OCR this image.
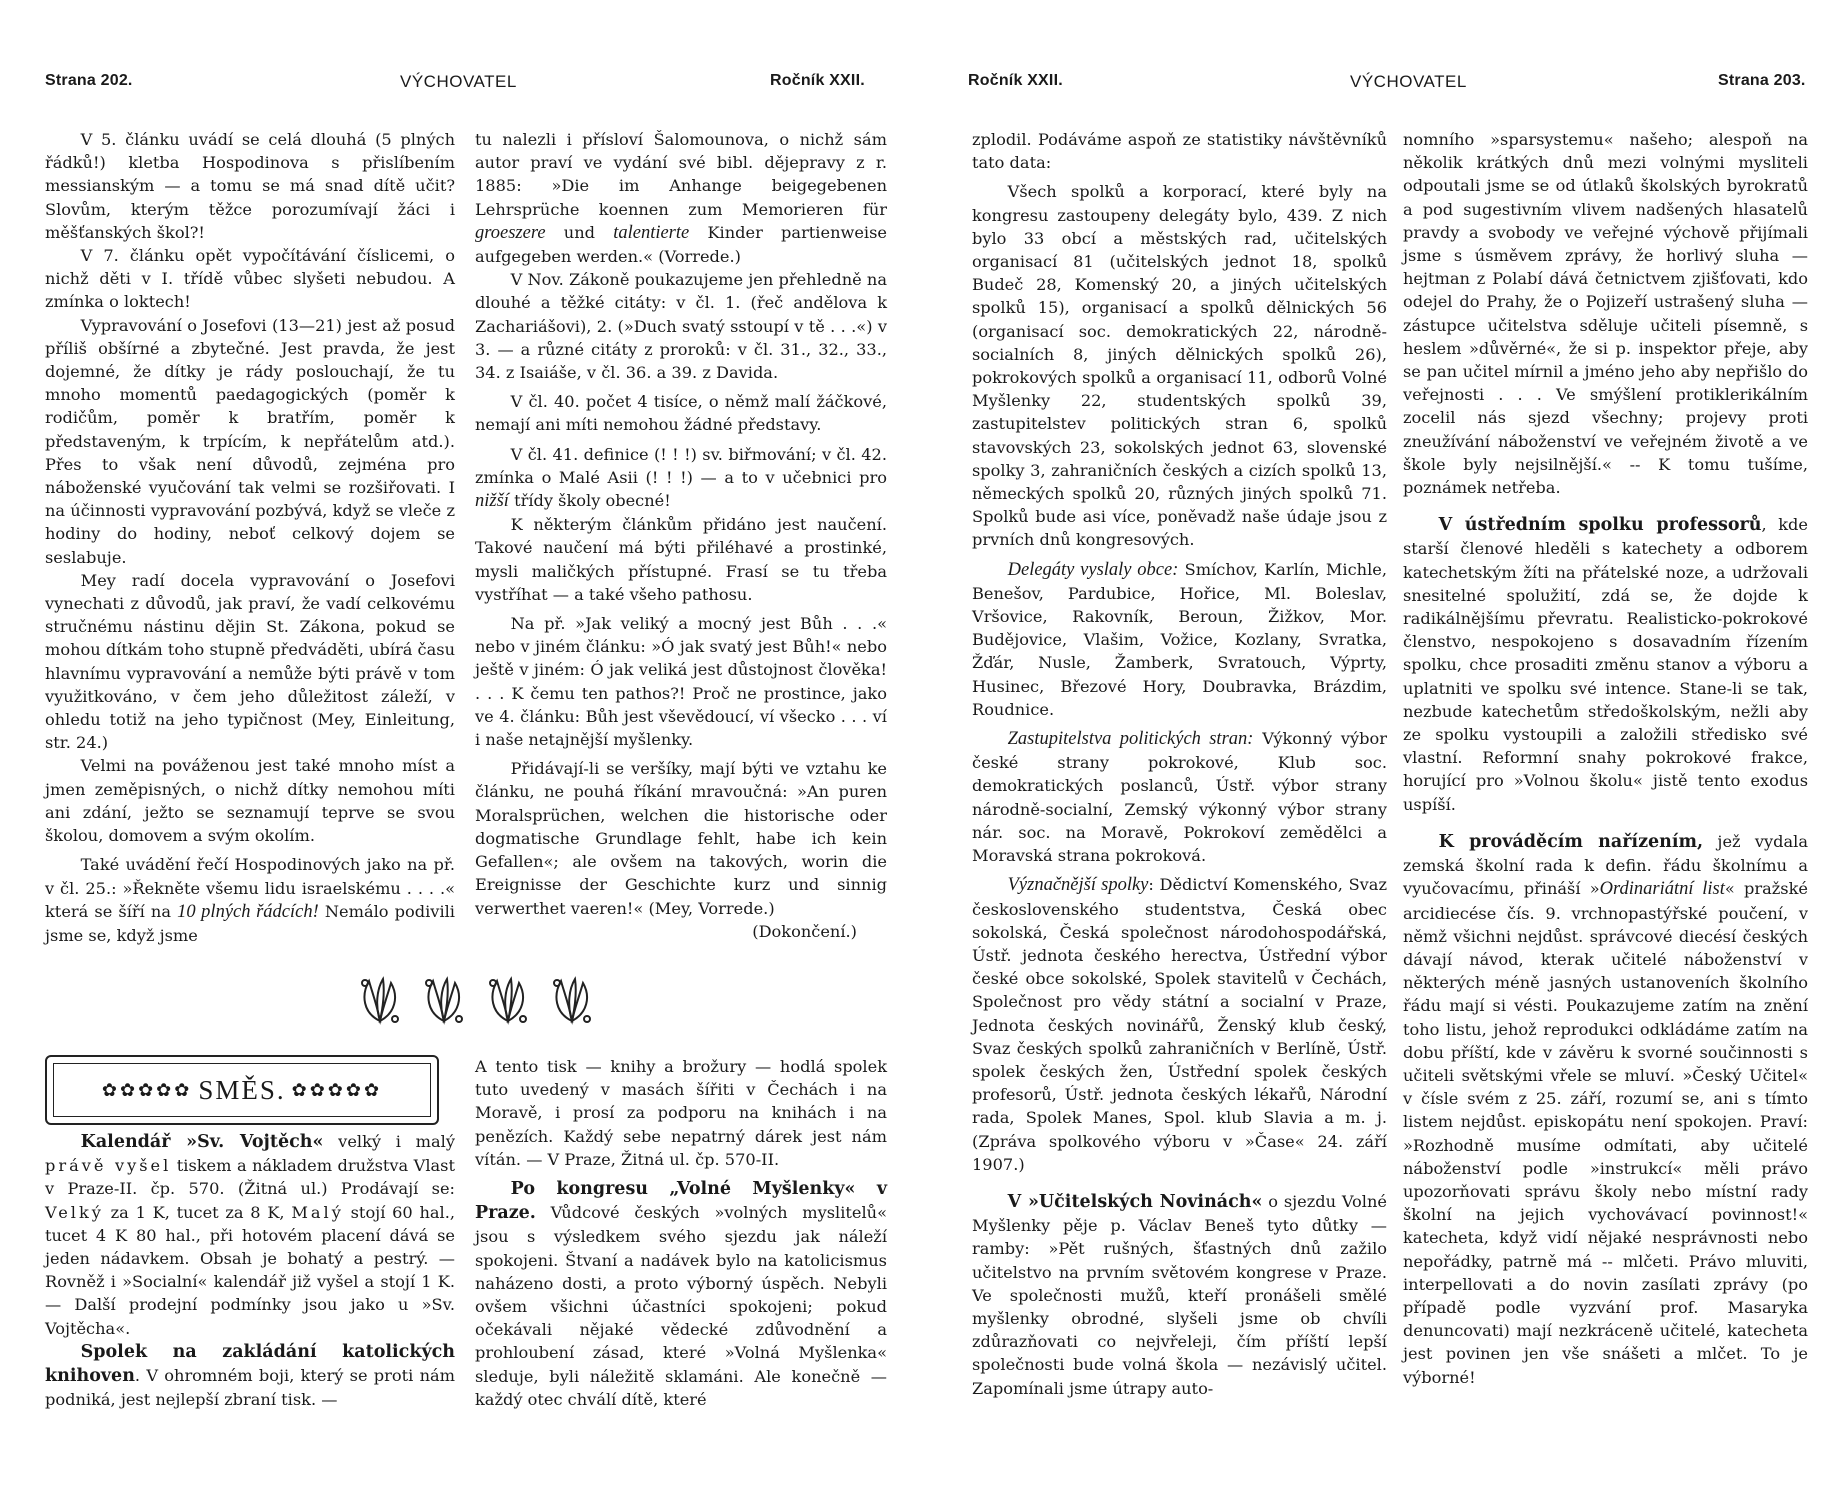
Strana 202.	VÝCHOVATEL	Ročník XXII.	Ročník XXII.	VÝCHOVATEL	Strana 203.

V 5. článku uvádí se celá dlouhá (5 plných řádků!) kletba Hospodinova s přislíbením messianským — a tomu se má snad dítě učit? Slovům, kterým těžce porozumívají žáci i měšťanských škol?!

V 7. článku opět vypočítávání číslicemi, o nichž děti v I. třídě vůbec slyšeti nebudou. A zmínka o loktech!

Vypravování o Josefovi (13—21) jest až posud příliš obšírné a zbytečné. Jest pravda, že jest dojemné, že dítky je rády poslouchají, že tu mnoho momentů paedagogických (poměr k rodičům, poměr k bratřím, poměr k představeným, k trpícím, k nepřátelům atd.). Přes to však není důvodů, zejména pro náboženské vyučování tak velmi se rozšiřovati. I na účinnosti vypravování pozbývá, když se vleče z hodiny do hodiny, neboť celkový dojem se seslabuje.

Mey radí docela vypravování o Josefovi vynechati z důvodů, jak praví, že vadí celkovému stručnému nástinu dějin St. Zákona, pokud se mohou dítkám toho stupně předváděti, ubírá času hlavnímu vypravování a nemůže býti právě v tom využitkováno, v čem jeho důležitost záleží, v ohledu totiž na jeho typičnost (Mey, Einleitung, str. 24.)

Velmi na pováženou jest také mnoho míst a jmen zeměpisných, o nichž dítky nemohou míti ani zdání, ježto se seznamují teprve se svou školou, domovem a svým okolím.

Také uvádění řečí Hospodinových jako na př. v čl. 25.: »Řekněte všemu lidu israelskému . . . .« která se šíří na 10 plných řádcích! Nemálo podivili jsme se, když jsme

tu nalezli i přísloví Šalomounova, o nichž sám autor praví ve vydání své bibl. dějepravy z r. 1885: »Die im Anhange beigegebenen Lehrsprüche koennen zum Memorieren für groeszere und talentierte Kinder partienweise aufgegeben werden.« (Vorrede.)

V Nov. Zákoně poukazujeme jen přehledně na dlouhé a těžké citáty: v čl. 1. (řeč andělova k Zachariášovi), 2. (»Duch svatý sstoupí v tě . . .«) v 3. — a různé citáty z proroků: v čl. 31., 32., 33., 34. z Isaiáše, v čl. 36. a 39. z Davida.

V čl. 40. počet 4 tisíce, o němž malí žáčkové, nemají ani míti nemohou žádné představy.

V čl. 41. definice (! ! !) sv. biřmování; v čl. 42. zmínka o Malé Asii (! ! !) — a to v učebnici pro nižší třídy školy obecné!

K některým článkům přidáno jest naučení. Takové naučení má býti přiléhavé a prostinké, mysli maličkých přístupné. Frasí se tu třeba vystříhat — a také všeho pathosu.

Na př. »Jak veliký a mocný jest Bůh . . .« nebo v jiném článku: »Ó jak svatý jest Bůh!« nebo ještě v jiném: Ó jak veliká jest důstojnost člověka! . . . K čemu ten pathos?! Proč ne prostince, jako ve 4. článku: Bůh jest vševědoucí, ví všecko . . . ví i naše netajnější myšlenky.

Přidávají-li se veršíky, mají býti ve vztahu ke článku, ne pouhá říkání mravoučná: »An puren Moralsprüchen, welchen die historische oder dogmatische Grundlage fehlt, habe ich kein Gefallen«; ale ovšem na takových, worin die Ereignisse der Geschichte kurz und sinnig verwerthet vaeren!« (Mey, Vorrede.)

(Dokončení.)

✿✿✿✿✿ SMĚS. ✿✿✿✿✿

Kalendář »Sv. Vojtěch« velký i malý právě vyšel tiskem a nákladem družstva Vlast v Praze-II. čp. 570. (Žitná ul.) Prodávají se: Velký za 1 K, tucet za 8 K, Malý stojí 60 hal., tucet 4 K 80 hal., při hotovém placení dává se jeden nádavkem. Obsah je bohatý a pestrý. — Rovněž i »Socialní« kalendář již vyšel a stojí 1 K. — Další prodejní podmínky jsou jako u »Sv. Vojtěcha«.

Spolek na zakládání katolických knihoven. V ohromném boji, který se proti nám podniká, jest nejlepší zbraní tisk. —

A tento tisk — knihy a brožury — hodlá spolek tuto uvedený v masách šířiti v Čechách i na Moravě, i prosí za podporu na knihách i na penězích. Každý sebe nepatrný dárek jest nám vítán. — V Praze, Žitná ul. čp. 570-II.

Po kongresu „Volné Myšlenky« v Praze. Vůdcové českých »volných myslitelů« jsou s výsledkem svého sjezdu jak náleží spokojeni. Štvaní a nadávek bylo na katolicismus naházeno dosti, a proto výborný úspěch. Nebyli ovšem všichni účastníci spokojeni; pokud očekávali nějaké vědecké zdůvodnění a prohloubení zásad, které »Volná Myšlenka« sleduje, byli náležitě sklamáni. Ale konečně — každý otec chválí dítě, které

zplodil. Podáváme aspoň ze statistiky návštěvníků tato data:

Všech spolků a korporací, které byly na kongresu zastoupeny delegáty bylo, 439. Z nich bylo 33 obcí a městských rad, učitelských organisací 81 (učitelských jednot 18, spolků Budeč 28, Komenský 20, a jiných učitelských spolků 15), organisací a spolků dělnických 56 (organisací soc. demokratických 22, národně-socialních 8, jiných dělnických spolků 26), pokrokových spolků a organisací 11, odborů Volné Myšlenky 22, studentských spolků 39, zastupitelstev politických stran 6, spolků stavovských 23, sokolských jednot 63, slovenské spolky 3, zahraničních českých a cizích spolků 13, německých spolků 20, různých jiných spolků 71. Spolků bude asi více, poněvadž naše údaje jsou z prvních dnů kongresových.

Delegáty vyslaly obce: Smíchov, Karlín, Michle, Benešov, Pardubice, Hořice, Ml. Boleslav, Vršovice, Rakovník, Beroun, Žižkov, Mor. Budějovice, Vlašim, Vožice, Kozlany, Svratka, Žďár, Nusle, Žamberk, Svratouch, Výprty, Husinec, Březové Hory, Doubravka, Brázdim, Roudnice.

Zastupitelstva politických stran: Výkonný výbor české strany pokrokové, Klub soc. demokratických poslanců, Ústř. výbor strany národně-socialní, Zemský výkonný výbor strany nár. soc. na Moravě, Pokrokoví zemědělci a Moravská strana pokroková.

Význačnější spolky: Dědictví Komenského, Svaz československého studentstva, Česká obec sokolská, Česká společnost národohospodářská, Ústř. jednota českého herectva, Ústřední výbor české obce sokolské, Spolek stavitelů v Čechách, Společnost pro vědy státní a socialní v Praze, Jednota českých novinářů, Ženský klub český, Svaz českých spolků zahraničních v Berlíně, Ústř. spolek českých žen, Ústřední spolek českých profesorů, Ústř. jednota českých lékařů, Národní rada, Spolek Manes, Spol. klub Slavia a m. j. (Zpráva spolkového výboru v »Čase« 24. září 1907.)

V »Učitelských Novinách« o sjezdu Volné Myšlenky pěje p. Václav Beneš tyto důtky — ramby: »Pět rušných, šťastných dnů zažilo učitelstvo na prvním světovém kongrese v Praze. Ve společnosti mužů, kteří pronášeli smělé myšlenky obrodné, slyšeli jsme ob chvíli zdůrazňovati co nejvřeleji, čím příští lepší společnosti bude volná škola — nezávislý učitel. Zapomínali jsme útrapy auto-

nomního »sparsystemu« našeho; alespoň na několik krátkých dnů mezi volnými mysliteli odpoutali jsme se od útlaků školských byrokratů a pod sugestivním vlivem nadšených hlasatelů pravdy a svobody ve veřejné výchově přijímali jsme s úsměvem zprávy, že horlivý sluha — hejtman z Polabí dává četnictvem zjišťovati, kdo odejel do Prahy, že o Pojizeří ustrašený sluha — zástupce učitelstva sděluje učiteli písemně, s heslem »důvěrné«, že si p. inspektor přeje, aby se pan učitel mírnil a jméno jeho aby nepřišlo do veřejnosti . . . Ve smýšlení protiklerikálním zocelil nás sjezd všechny; projevy proti zneužívání náboženství ve veřejném životě a ve škole byly nejsilnější.« -- K tomu tušíme, poznámek netřeba.

V ústředním spolku professorů, kde starší členové hleděli s katechety a odborem katechetským žíti na přátelské noze, a udržovali snesitelné spolužití, zdá se, že dojde k radikálnějšímu převratu. Realisticko-pokrokové členstvo, nespokojeno s dosavadním řízením spolku, chce prosaditi změnu stanov a výboru a uplatniti ve spolku své intence. Stane-li se tak, nezbude katechetům středoškolským, nežli aby ze spolku vystoupili a založili středisko své vlastní. Reformní snahy pokrokové frakce, horující pro »Volnou školu« jistě tento exodus uspíší.

K prováděcím nařízením, jež vydala zemská školní rada k defin. řádu školnímu a vyučovacímu, přináší »Ordinariátní list« pražské arcidiecése čís. 9. vrchnopastýřské poučení, v němž všichni nejdůst. správcové diecésí českých dávají návod, kterak učitelé náboženství v některých méně jasných ustanoveních školního řádu mají si vésti. Poukazujeme zatím na znění toho listu, jehož reprodukci odkládáme zatím na dobu příští, kde v závěru k svorné součinnosti s učiteli světskými vřele se mluví. »Český Učitel« v čísle svém z 25. září, rozumí se, ani s tímto listem nejdůst. episkopátu není spokojen. Praví: »Rozhodně musíme odmítati, aby učitelé náboženství podle »instrukcí« měli právo upozorňovati správu školy nebo místní rady školní na jejich vychovávací povinnost!« katecheta, když vidí nějaké nesprávnosti nebo nepořádky, patrně má -- mlčeti. Právo mluviti, interpellovati a do novin zasílati zprávy (po případě podle vyzvání prof. Masaryka denuncovati) mají nezkráceně učitelé, katecheta jest povinen jen vše snášeti a mlčet. To je výborné!
